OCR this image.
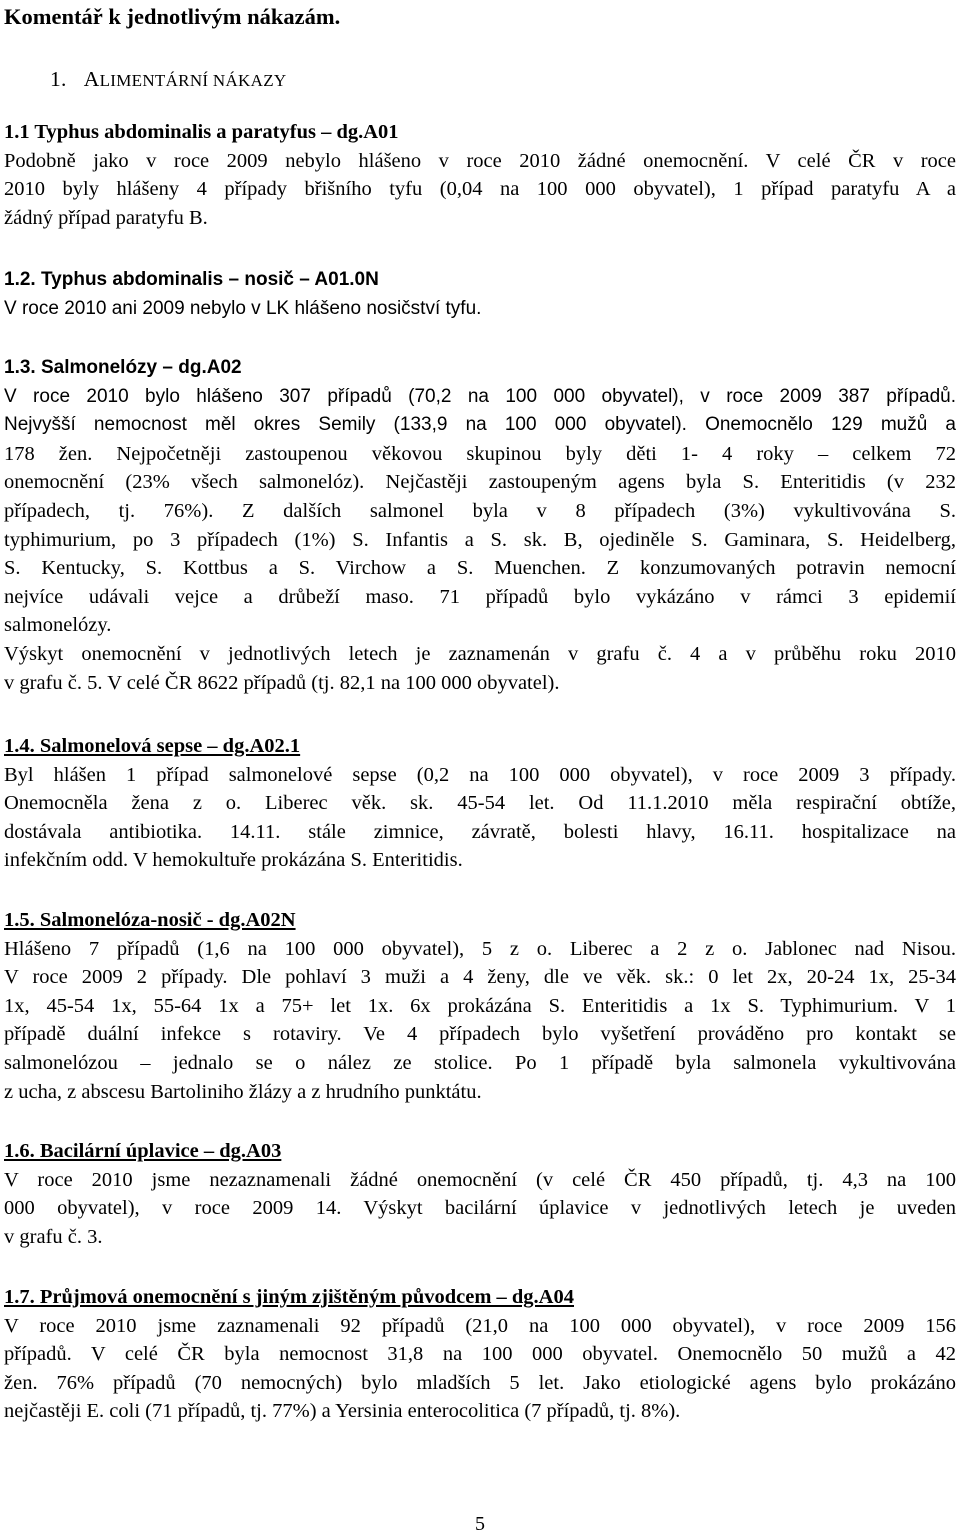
Komentář k jednotlivým nákazám.
1. ALIMENTÁRNÍ NÁKAZY

1.1 Typhus abdominalis a paratyfus – dg.A01

Podobně jako v roce 2009 nebylo hlášeno v roce 2010 žádné onemocnění. V celé ČR v roce

2010 byly hlášeny 4 případy břišního tyfu (0,04 na 100 000 obyvatel), 1 případ paratyfu A a

žádný případ paratyfu B.

1.2. Typhus abdominalis – nosič – A01.0N

V roce 2010 ani 2009 nebylo v LK hlášeno nosičství tyfu.

1.3. Salmonelózy – dg.A02

V roce 2010 bylo hlášeno 307 případů (70,2 na 100 000 obyvatel), v roce 2009 387 případů.

Nejvyšší nemocnost měl okres Semily (133,9 na 100 000 obyvatel). Onemocnělo 129 mužů a

178 žen. Nejpočetněji zastoupenou věkovou skupinou byly děti 1- 4 roky – celkem 72

onemocnění (23% všech salmonelóz). Nejčastěji zastoupeným agens byla S. Enteritidis (v 232

případech, tj. 76%). Z dalších salmonel byla v 8 případech (3%) vykultivována S.

typhimurium, po 3 případech (1%) S. Infantis a S. sk. B, ojediněle S. Gaminara, S. Heidelberg,

S. Kentucky, S. Kottbus a S. Virchow a S. Muenchen. Z konzumovaných potravin nemocní

nejvíce udávali vejce a drůbeží maso. 71 případů bylo vykázáno v rámci 3 epidemií

salmonelózy.

Výskyt onemocnění v jednotlivých letech je zaznamenán v grafu č. 4 a v průběhu roku 2010

v grafu č. 5. V celé ČR 8622 případů (tj. 82,1 na 100 000 obyvatel).

1.4. Salmonelová sepse – dg.A02.1

Byl hlášen 1 případ salmonelové sepse (0,2 na 100 000 obyvatel), v roce 2009 3 případy.

Onemocněla žena z o. Liberec věk. sk. 45-54 let. Od 11.1.2010 měla respirační obtíže,

dostávala antibiotika. 14.11. stále zimnice, závratě, bolesti hlavy, 16.11. hospitalizace na

infekčním odd. V hemokultuře prokázána S. Enteritidis.

1.5. Salmonelóza-nosič - dg.A02N

Hlášeno 7 případů (1,6 na 100 000 obyvatel), 5 z o. Liberec a 2 z o. Jablonec nad Nisou.

V roce 2009 2 případy. Dle pohlaví 3 muži a 4 ženy, dle ve věk. sk.: 0 let 2x, 20-24 1x, 25-34

1x, 45-54 1x, 55-64 1x a 75+ let 1x. 6x prokázána S. Enteritidis a 1x S. Typhimurium. V 1

případě duální infekce s rotaviry. Ve 4 případech bylo vyšetření prováděno pro kontakt se

salmonelózou – jednalo se o nález ze stolice. Po 1 případě byla salmonela vykultivována

z ucha, z abscesu Bartoliniho žlázy a z hrudního punktátu.

1.6. Bacilární úplavice – dg.A03

V roce 2010 jsme nezaznamenali žádné onemocnění (v celé ČR 450 případů, tj. 4,3 na 100

000 obyvatel), v roce 2009 14. Výskyt bacilární úplavice v jednotlivých letech je uveden

v grafu č. 3.

1.7. Průjmová onemocnění s jiným zjištěným původcem – dg.A04

V roce 2010 jsme zaznamenali 92 případů (21,0 na 100 000 obyvatel), v roce 2009 156

případů. V celé ČR byla nemocnost 31,8 na 100 000 obyvatel. Onemocnělo 50 mužů a 42

žen. 76% případů (70 nemocných) bylo mladších 5 let. Jako etiologické agens bylo prokázáno

nejčastěji E. coli (71 případů, tj. 77%) a Yersinia enterocolitica (7 případů, tj. 8%).

5
